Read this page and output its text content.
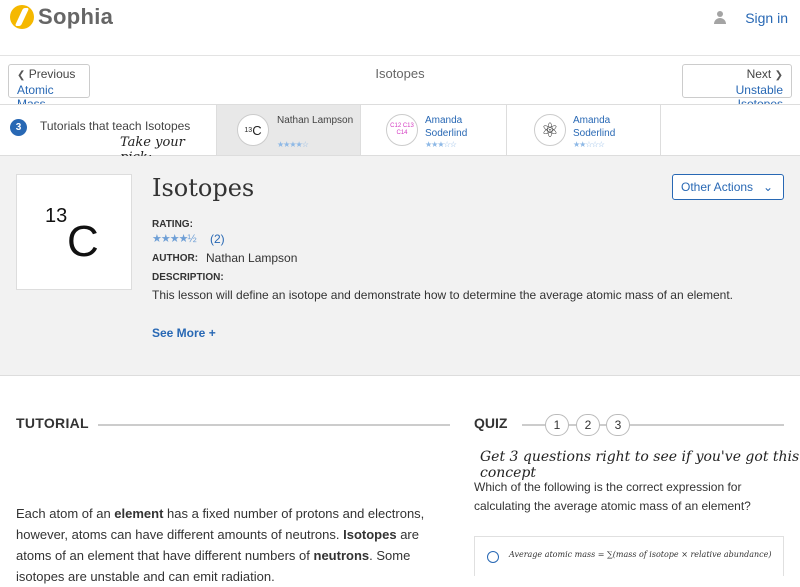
Sophia	Sign in
❮ Previous
Atomic
Isotopes	Next ❯
Unstable
3	Tutorials that teach Isotopes
Take your
$^{13}$C
Nathan Lampson
★★★★☆
C12 C13 C14
Amanda Soderlind
★★★☆☆
⚛	Amanda Soderlind
★★☆☆☆
13
C
Isotopes	Other Actions ⌄
RATING:
★★★★½ (2)
AUTHOR: Nathan Lampson
DESCRIPTION:
This lesson will define an isotope and demonstrate how to determine the average atomic mass of an element.
See More +
TUTORIAL
Each atom of an element has a fixed number of protons and electrons, however, atoms can have different amounts of neutrons. Isotopes are atoms of an element that have different numbers of neutrons. Some isotopes are unstable and can emit radiation.
QUIZ	1	2	3
Get 3 questions right to see if you've got this concept
Which of the following is the correct expression for calculating the average atomic mass of an element?
Average atomic mass = ∑(mass of isotope × relative abundance)
